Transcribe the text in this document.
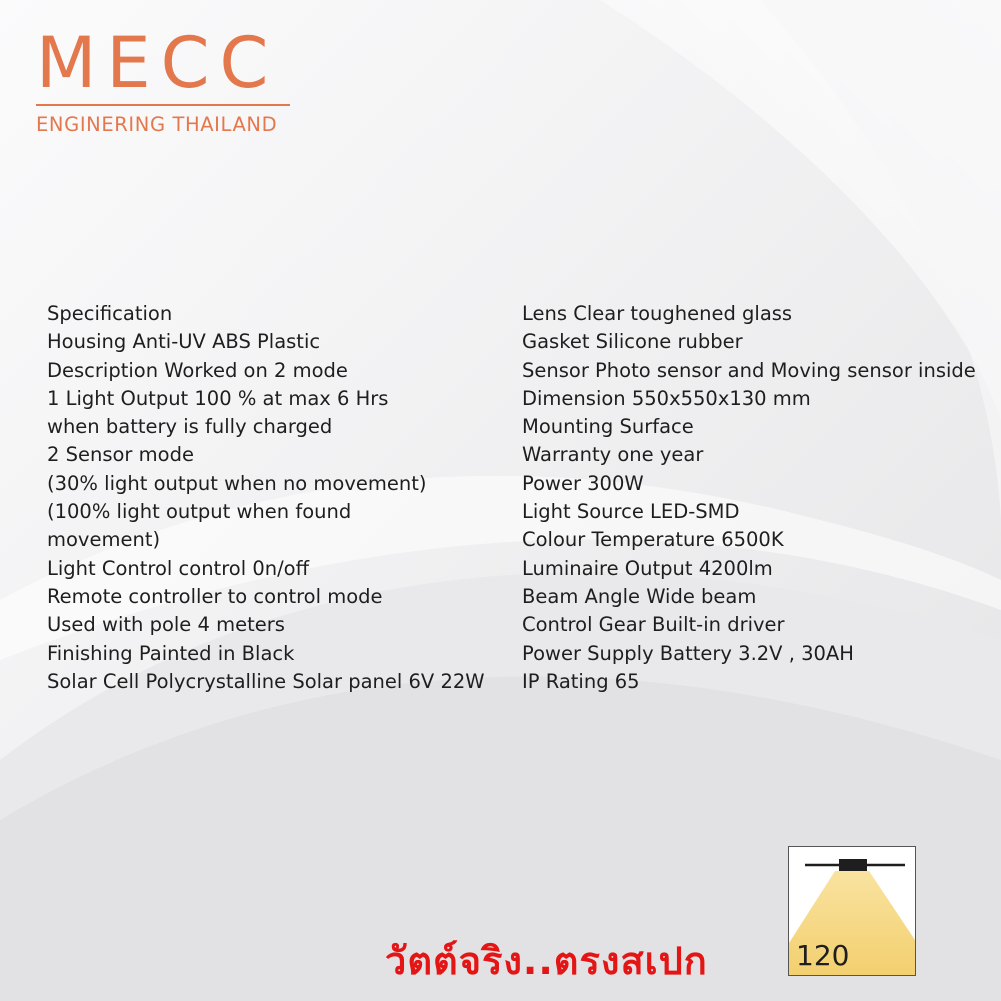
MECC
ENGINERING THAILAND
Specification
Housing Anti-UV ABS Plastic
Description Worked on 2 mode
1 Light Output 100 % at max 6 Hrs
when battery is fully charged
2 Sensor mode
(30% light output when no movement)
(100% light output when found
movement)
Light Control control 0n/off
Remote controller to control mode
Used with pole 4 meters
Finishing Painted in Black
Solar Cell Polycrystalline Solar panel 6V 22W
Lens Clear toughened glass
Gasket Silicone rubber
Sensor Photo sensor and Moving sensor inside
Dimension 550x550x130 mm
Mounting Surface
Warranty one year
Power 300W
Light Source LED-SMD
Colour Temperature 6500K
Luminaire Output 4200lm
Beam Angle Wide beam
Control Gear Built-in driver
Power Supply Battery 3.2V , 30AH
IP Rating 65
วัตต์จริง..ตรงสเปก	120
